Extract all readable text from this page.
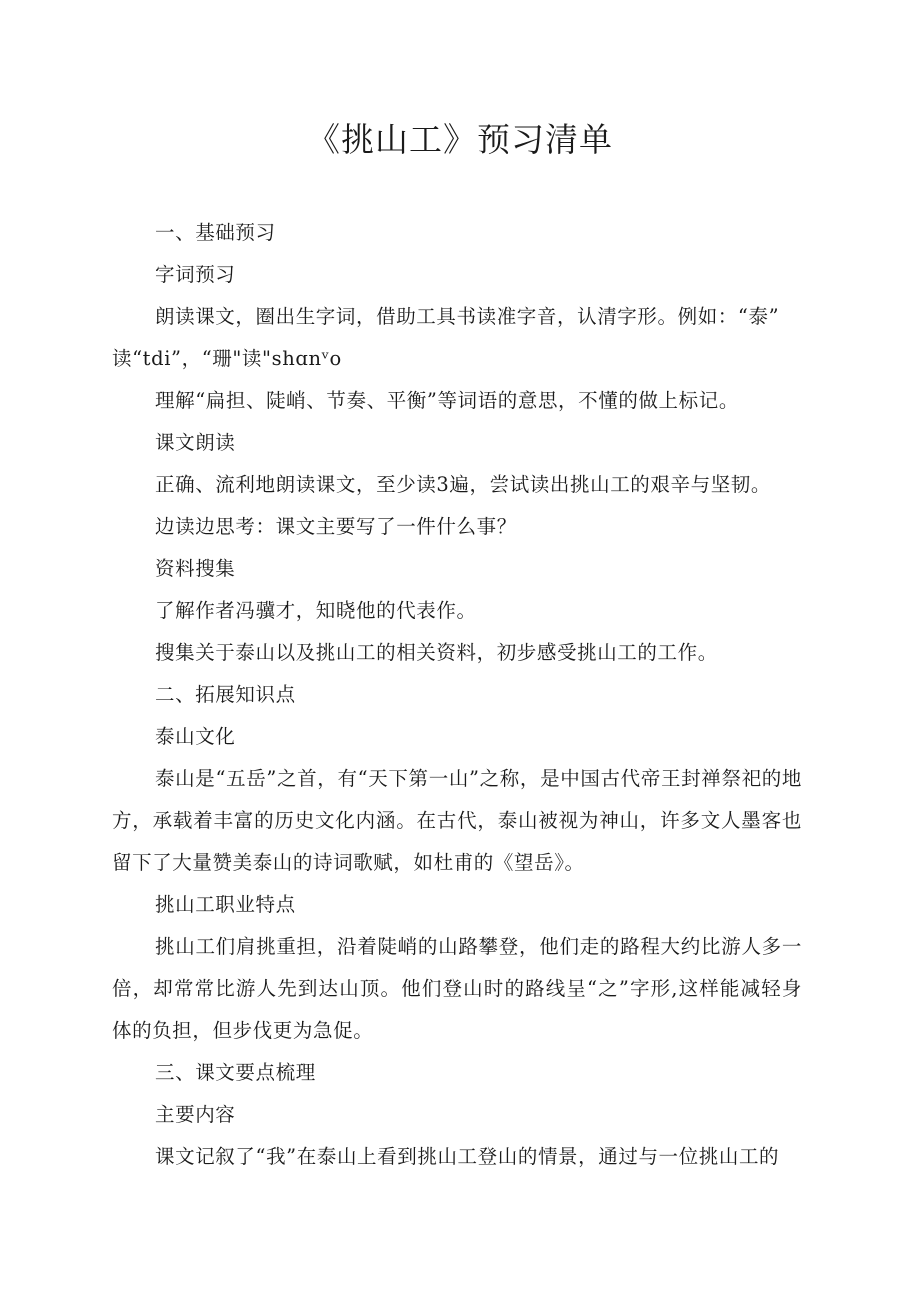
《挑山工》预习清单
一、基础预习
字词预习
朗读课文，圈出生字词，借助工具书读准字音，认清字形。例如：“泰”
读“tdi”，“珊"读"shɑnᵛo
理解“扁担、陡峭、节奏、平衡”等词语的意思，不懂的做上标记。
课文朗读
正确、流利地朗读课文，至少读3遍，尝试读出挑山工的艰辛与坚韧。
边读边思考：课文主要写了一件什么事？
资料搜集
了解作者冯骥才，知晓他的代表作。
搜集关于泰山以及挑山工的相关资料，初步感受挑山工的工作。
二、拓展知识点
泰山文化
泰山是“五岳”之首，有“天下第一山”之称，是中国古代帝王封禅祭祀的地方，承载着丰富的历史文化内涵。在古代，泰山被视为神山，许多文人墨客也留下了大量赞美泰山的诗词歌赋，如杜甫的《望岳》。
挑山工职业特点
挑山工们肩挑重担，沿着陡峭的山路攀登，他们走的路程大约比游人多一倍，却常常比游人先到达山顶。他们登山时的路线呈“之”字形,这样能减轻身体的负担，但步伐更为急促。
三、课文要点梳理
主要内容
课文记叙了“我”在泰山上看到挑山工登山的情景，通过与一位挑山工的
